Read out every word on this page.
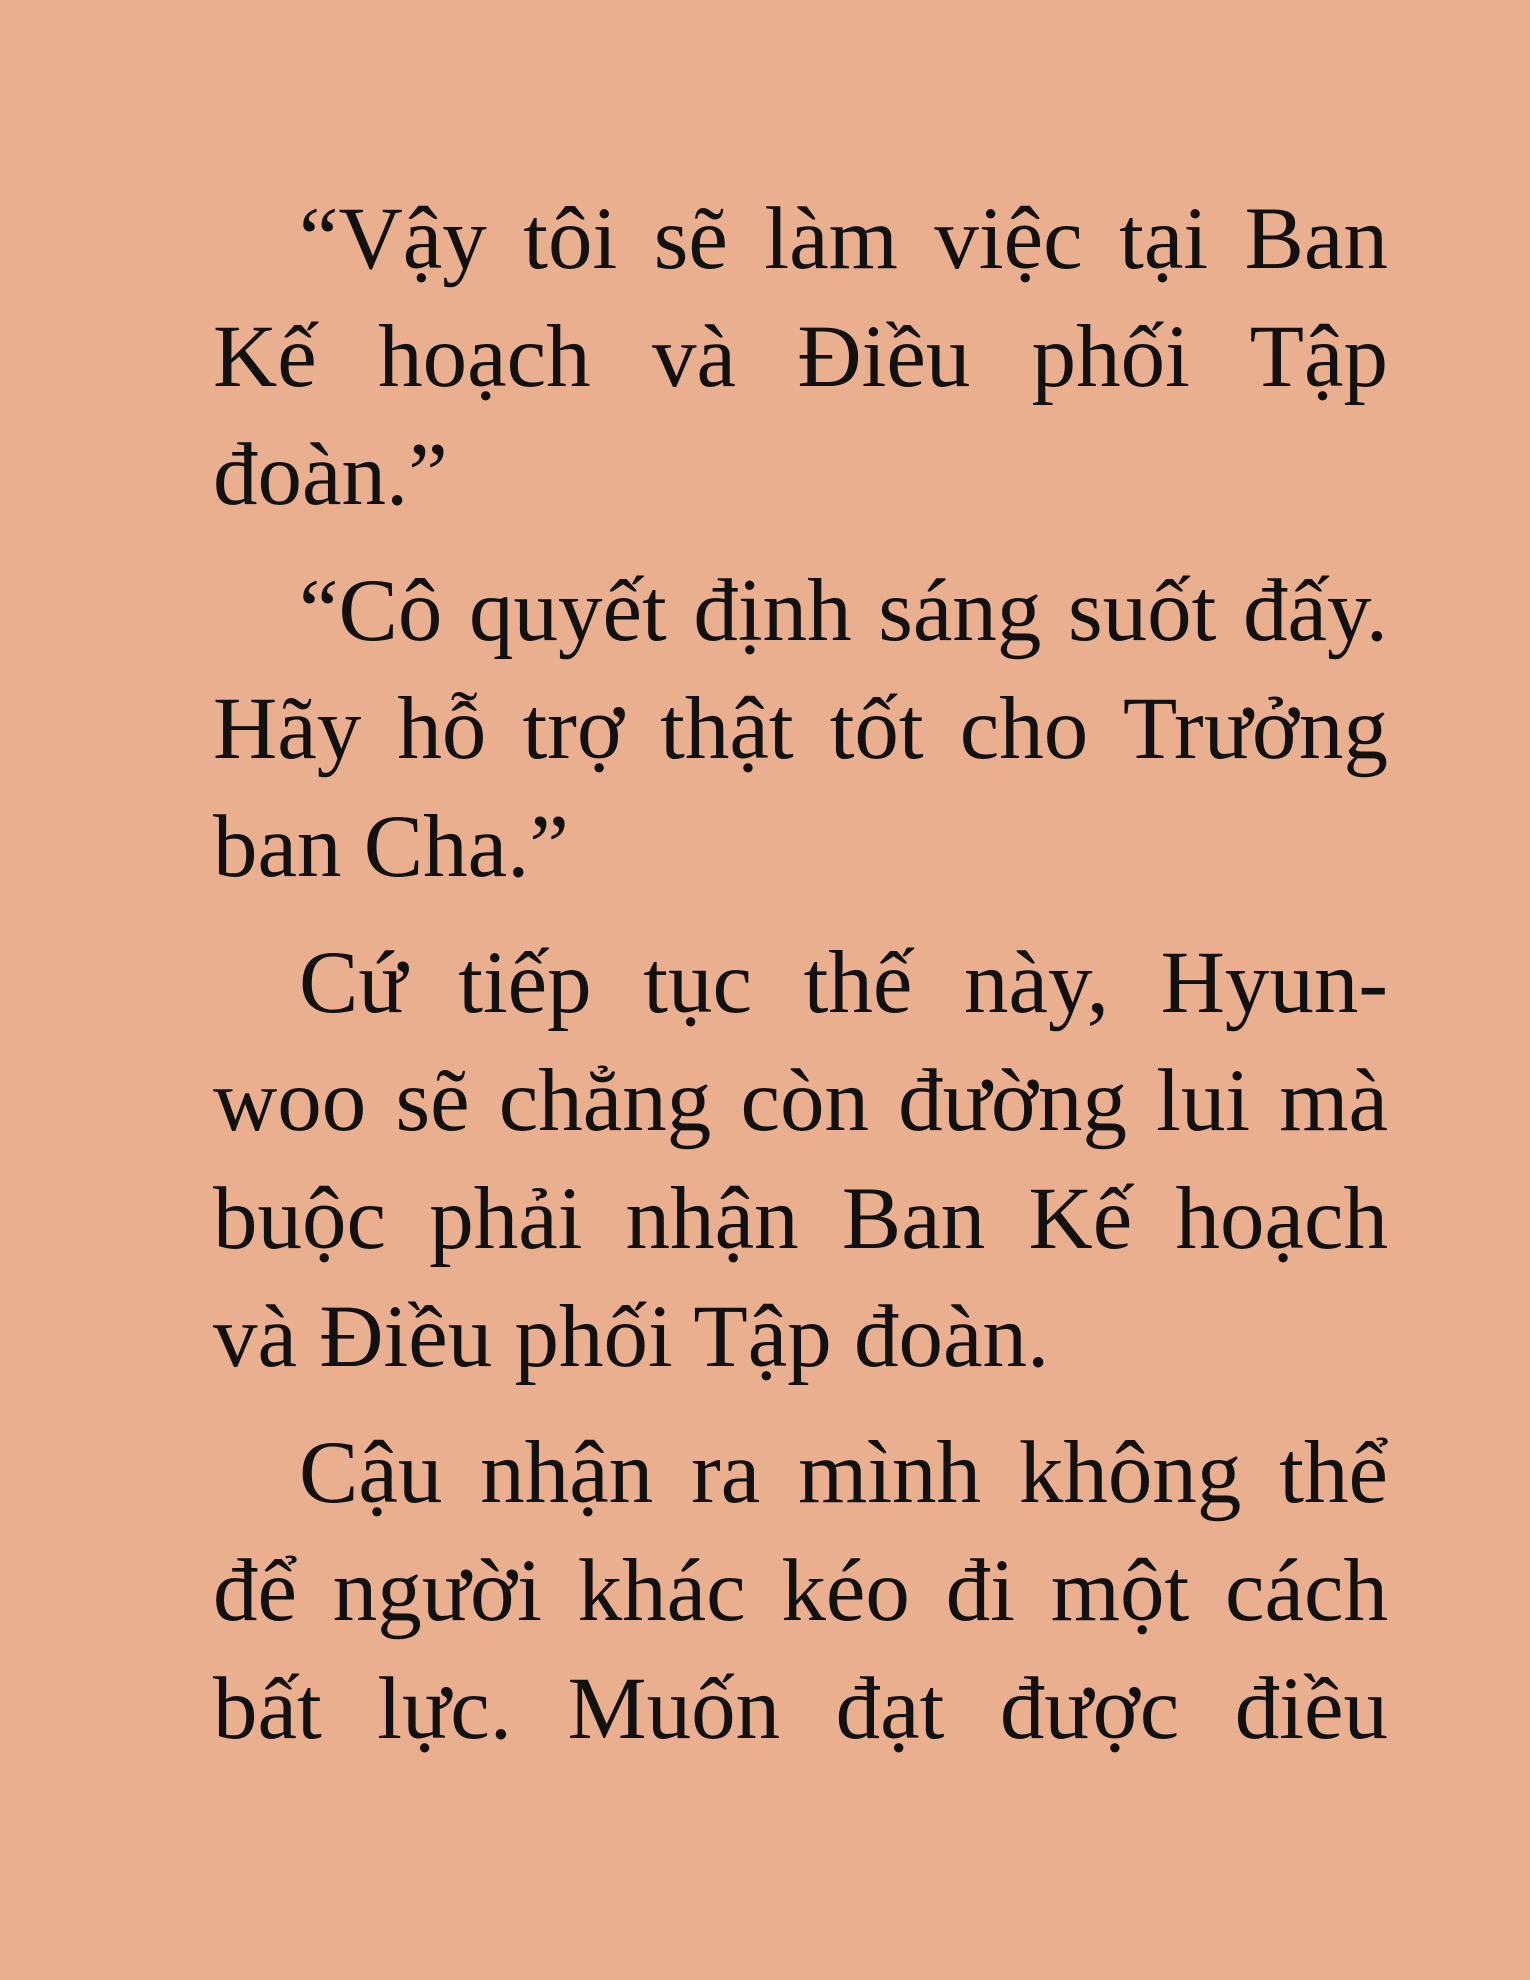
“Vậy tôi sẽ làm việc tại Ban Kế hoạch và Điều phối Tập đoàn.”

“Cô quyết định sáng suốt đấy. Hãy hỗ trợ thật tốt cho Trưởng ban Cha.”

Cứ tiếp tục thế này, Hyun-woo sẽ chẳng còn đường lui mà buộc phải nhận Ban Kế hoạch và Điều phối Tập đoàn.

Cậu nhận ra mình không thể để người khác kéo đi một cách bất lực. Muốn đạt được điều
